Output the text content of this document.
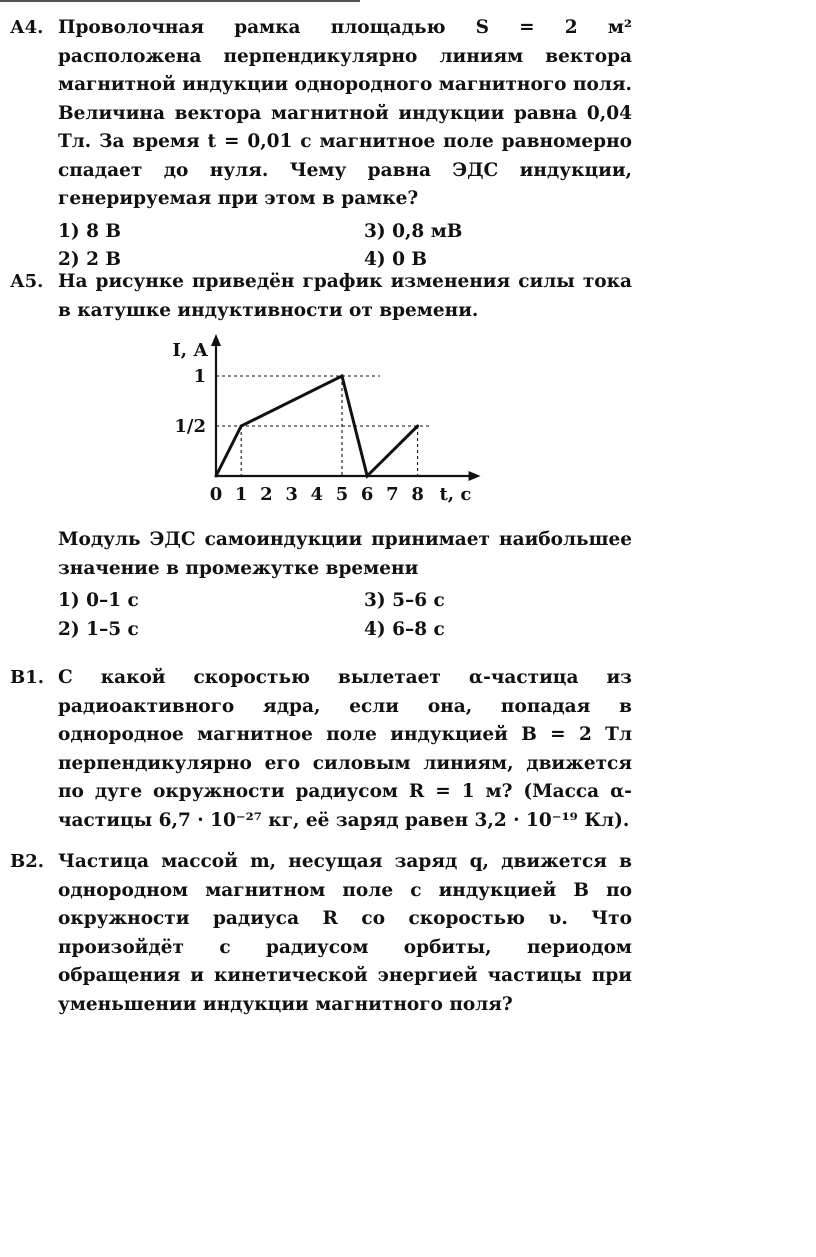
А4. Проволочная рамка площадью S = 2 м² расположена перпендикулярно линиям вектора магнитной индукции однородного магнитного поля. Величина вектора магнитной индукции равна 0,04 Тл. За время t = 0,01 с магнитное поле равномерно спадает до нуля. Чему равна ЭДС индукции, генерируемая при этом в рамке?
1) 8 В	3) 0,8 мВ
2) 2 В	4) 0 В
А5. На рисунке приведён график изменения силы тока в катушке индуктивности от времени.
0 1 2 3 4 5 6 7 8 t, с
1/2
1
I, А
Модуль ЭДС самоиндукции принимает наибольшее значение в промежутке времени
1) 0–1 с	3) 5–6 с
2) 1–5 с	4) 6–8 с
В1. С какой скоростью вылетает α-частица из радиоактивного ядра, если она, попадая в однородное магнитное поле индукцией B = 2 Тл перпендикулярно его силовым линиям, движется по дуге окружности радиусом R = 1 м? (Масса α-частицы 6,7 · 10⁻²⁷ кг, её заряд равен 3,2 · 10⁻¹⁹ Кл).
В2. Частица массой m, несущая заряд q, движется в однородном магнитном поле с индукцией B по окружности радиуса R со скоростью υ. Что произойдёт с радиусом орбиты, периодом обращения и кинетической энергией частицы при уменьшении индукции магнитного поля?
